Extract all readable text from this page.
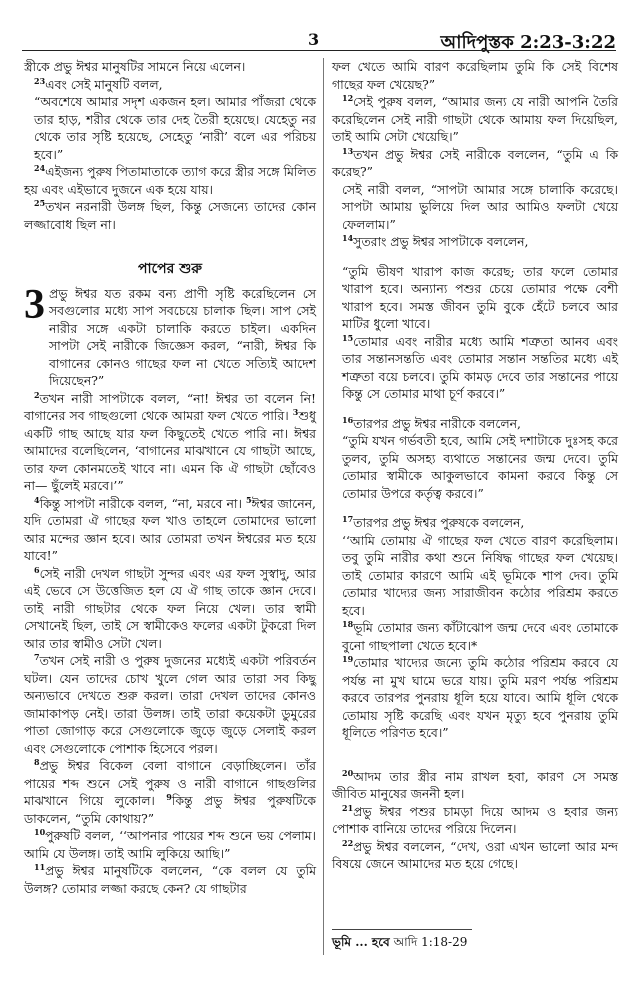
3	আদিপুস্তক 2:23-3:22

স্ত্রীকে প্রভু ঈশ্বর মানুষটির সামনে নিয়ে এলেন।

$^{23}$এবং সেই মানুষটি বলল,

“অবশেষে আমার সদৃশ একজন হল। আমার পাঁজরা থেকে তার হাড়, শরীর থেকে তার দেহ তৈরী হয়েছে। যেহেতু নর থেকে তার সৃষ্টি হয়েছে, সেহেতু ‘নারী’ বলে এর পরিচয় হবে।”

$^{24}$এইজন্য পুরুষ পিতামাতাকে ত্যাগ করে স্ত্রীর সঙ্গে মিলিত হয় এবং এইভাবে দুজনে এক হয়ে যায়।

$^{25}$তখন নরনারী উলঙ্গ ছিল, কিন্তু সেজন্যে তাদের কোন লজ্জাবোধ ছিল না।

পাপের শুরু
3 প্রভু ঈশ্বর যত রকম বন্য প্রাণী সৃষ্টি করেছিলেন সে সবগুলোর মধ্যে সাপ সবচেয়ে চালাক ছিল। সাপ সেই নারীর সঙ্গে একটা চালাকি করতে চাইল। একদিন সাপটা সেই নারীকে জিজ্ঞেস করল, “নারী, ঈশ্বর কি বাগানের কোনও গাছের ফল না খেতে সত্যিই আদেশ দিয়েছেন?”

$^2$তখন নারী সাপটাকে বলল, “না! ঈশ্বর তা বলেন নি! বাগানের সব গাছগুলো থেকে আমরা ফল খেতে পারি। $^3$শুধু একটি গাছ আছে যার ফল কিছুতেই খেতে পারি না। ঈশ্বর আমাদের বলেছিলেন, ‘বাগানের মাঝখানে যে গাছটা আছে, তার ফল কোনমতেই খাবে না। এমন কি ঐ গাছটা ছোঁবেও না— ছুঁলেই মরবে।’”

$^4$কিন্তু সাপটা নারীকে বলল, “না, মরবে না। $^5$ঈশ্বর জানেন, যদি তোমরা ঐ গাছের ফল খাও তাহলে তোমাদের ভালো আর মন্দের জ্ঞান হবে। আর তোমরা তখন ঈশ্বরের মত হয়ে যাবে!”

$^6$সেই নারী দেখল গাছটা সুন্দর এবং এর ফল সুস্বাদু, আর এই ভেবে সে উত্তেজিত হল যে ঐ গাছ তাকে জ্ঞান দেবে। তাই নারী গাছটার থেকে ফল নিয়ে খেল। তার স্বামী সেখানেই ছিল, তাই সে স্বামীকেও ফলের একটা টুকরো দিল আর তার স্বামীও সেটা খেল।

$^7$তখন সেই নারী ও পুরুষ দুজনের মধ্যেই একটা পরিবর্তন ঘটল। যেন তাদের চোখ খুলে গেল আর তারা সব কিছু অন্যভাবে দেখতে শুরু করল। তারা দেখল তাদের কোনও জামাকাপড় নেই। তারা উলঙ্গ। তাই তারা কয়েকটা ডুমুরের পাতা জোগাড় করে সেগুলোকে জুড়ে জুড়ে সেলাই করল এবং সেগুলোকে পোশাক হিসেবে পরল।

$^8$প্রভু ঈশ্বর বিকেল বেলা বাগানে বেড়াচ্ছিলেন। তাঁর পায়ের শব্দ শুনে সেই পুরুষ ও নারী বাগানে গাছগুলির মাঝখানে গিয়ে লুকোল। $^9$কিন্তু প্রভু ঈশ্বর পুরুষটিকে ডাকলেন, “তুমি কোথায়?”

$^{10}$পুরুষটি বলল, ‘‘আপনার পায়ের শব্দ শুনে ভয় পেলাম। আমি যে উলঙ্গ। তাই আমি লুকিয়ে আছি।”

$^{11}$প্রভু ঈশ্বর মানুষটিকে বললেন, “কে বলল যে তুমি উলঙ্গ? তোমার লজ্জা করছে কেন? যে গাছটার

ফল খেতে আমি বারণ করেছিলাম তুমি কি সেই বিশেষ গাছের ফল খেয়েছ?”

$^{12}$সেই পুরুষ বলল, “আমার জন্য যে নারী আপনি তৈরি করেছিলেন সেই নারী গাছটা থেকে আমায় ফল দিয়েছিল, তাই আমি সেটা খেয়েছি।”

$^{13}$তখন প্রভু ঈশ্বর সেই নারীকে বললেন, “তুমি এ কি করেছ?”

সেই নারী বলল, “সাপটা আমার সঙ্গে চালাকি করেছে। সাপটা আমায় ভুলিয়ে দিল আর আমিও ফলটা খেয়ে ফেললাম।”

$^{14}$সুতরাং প্রভু ঈশ্বর সাপটাকে বললেন,

“তুমি ভীষণ খারাপ কাজ করেছ; তার ফলে তোমার খারাপ হবে। অন্যান্য পশুর চেয়ে তোমার পক্ষে বেশী খারাপ হবে। সমস্ত জীবন তুমি বুকে হেঁটে চলবে আর মাটির ধুলো খাবে।

$^{15}$তোমার এবং নারীর মধ্যে আমি শত্রুতা আনব এবং তার সন্তানসন্ততি এবং তোমার সন্তান সন্ততির মধ্যে এই শত্রুতা বয়ে চলবে। তুমি কামড় দেবে তার সন্তানের পায়ে কিন্তু সে তোমার মাথা চূর্ণ করবে।”

$^{16}$তারপর প্রভু ঈশ্বর নারীকে বললেন,

“তুমি যখন গর্ভবতী হবে, আমি সেই দশাটাকে দুঃসহ করে তুলব, তুমি অসহ্য ব্যথাতে সন্তানের জন্ম দেবে। তুমি তোমার স্বামীকে আকুলভাবে কামনা করবে কিন্তু সে তোমার উপরে কর্তৃত্ব করবে।”

$^{17}$তারপর প্রভু ঈশ্বর পুরুষকে বললেন,

‘‘আমি তোমায় ঐ গাছের ফল খেতে বারণ করেছিলাম। তবু তুমি নারীর কথা শুনে নিষিদ্ধ গাছের ফল খেয়েছ। তাই তোমার কারণে আমি এই ভূমিকে শাপ দেব। তুমি তোমার খাদ্যের জন্য সারাজীবন কঠোর পরিশ্রম করতে হবে।

$^{18}$ভূমি তোমার জন্য কাঁটাঝোপ জন্ম দেবে এবং তোমাকে বুনো গাছপালা খেতে হবে।*

$^{19}$তোমার খাদ্যের জন্যে তুমি কঠোর পরিশ্রম করবে যে পর্যন্ত না মুখ ঘামে ভরে যায়। তুমি মরণ পর্যন্ত পরিশ্রম করবে তারপর পুনরায় ধূলি হয়ে যাবে। আমি ধূলি থেকে তোমায় সৃষ্টি করেছি এবং যখন মৃত্যু হবে পুনরায় তুমি ধূলিতে পরিণত হবে।”

$^{20}$আদম তার স্ত্রীর নাম রাখল হবা, কারণ সে সমস্ত জীবিত মানুষের জননী হল।

$^{21}$প্রভু ঈশ্বর পশুর চামড়া দিয়ে আদম ও হবার জন্য পোশাক বানিয়ে তাদের পরিয়ে দিলেন।

$^{22}$প্রভু ঈশ্বর বললেন, “দেখ, ওরা এখন ভালো আর মন্দ বিষয়ে জেনে আমাদের মত হয়ে গেছে।

ভূমি ... হবে আদি 1:18-29
